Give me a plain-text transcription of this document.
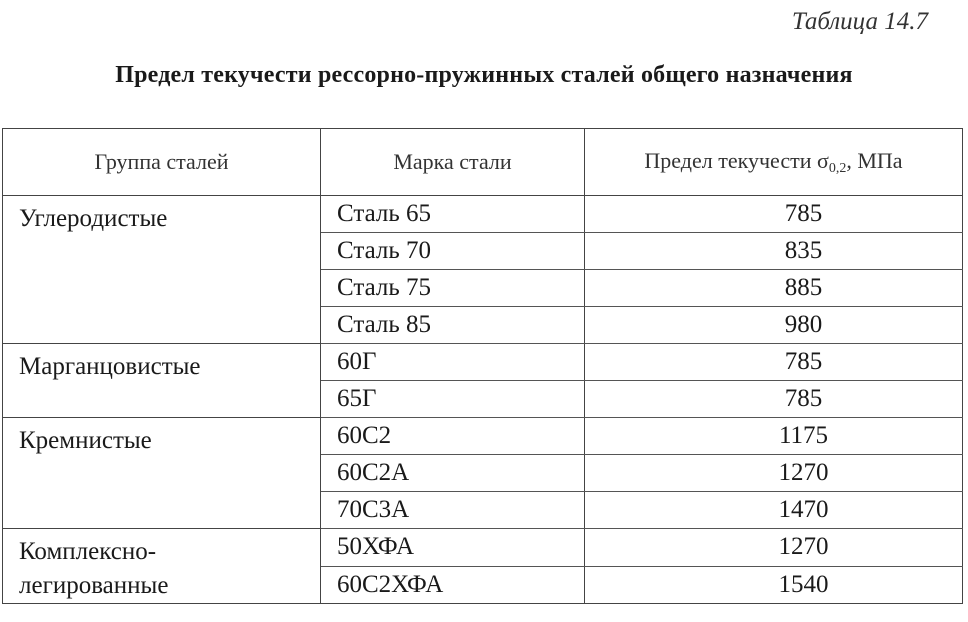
Таблица 14.7
Предел текучести рессорно-пружинных сталей общего назначения
Группа сталей	Марка стали	Предел текучести $\sigma_{0,2}$, МПа
Углеродистые	Сталь 65	785
	Сталь 70	835
	Сталь 75	885
	Сталь 85	980
Марганцовистые	60Г	785
	65Г	785
Кремнистые	60С2	1175
	60С2А	1270
	70С3А	1470
Комплексно-
легированные	50ХФА	1270
	60С2ХФА	1540
